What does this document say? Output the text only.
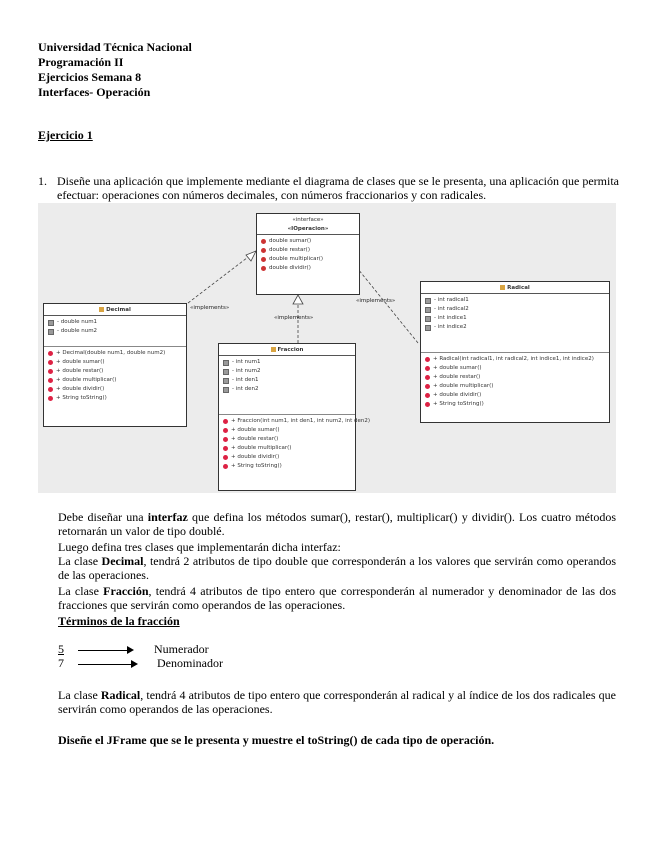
Universidad Técnica Nacional
Programación II
Ejercicios Semana 8
Interfaces- Operación
Ejercicio 1
1. Diseñe una aplicación que implemente mediante el diagrama de clases que se le presenta, una aplicación que permita efectuar: operaciones con números decimales, con números fraccionarios y con radicales.
«interface»
«IOperacion»
double sumar()
double restar()
double multiplicar()
double dividir()
Decimal
- double num1
- double num2
+ Decimal(double num1, double num2)
+ double sumar()
+ double restar()
+ double multiplicar()
+ double dividir()
+ String toString()
Fraccion
- int num1
- int num2
- int den1
- int den2
+ Fraccion(int num1, int den1, int num2, int den2)
+ double sumar()
+ double restar()
+ double multiplicar()
+ double dividir()
+ String toString()
Radical
- int radical1
- int radical2
- int indice1
- int indice2
+ Radical(int radical1, int radical2, int indice1, int indice2)
+ double sumar()
+ double restar()
+ double multiplicar()
+ double dividir()
+ String toString()
«implements»
«implements»
«implements»
Debe diseñar una interfaz que defina los métodos sumar(), restar(), multiplicar() y dividir(). Los cuatro métodos retornarán un valor de tipo doublé.
Luego defina tres clases que implementarán dicha interfaz:
La clase Decimal, tendrá 2 atributos de tipo double que corresponderán a los valores que servirán como operandos de las operaciones.
La clase Fracción, tendrá 4 atributos de tipo entero que corresponderán al numerador y denominador de las dos fracciones que servirán como operandos de las operaciones.
Términos de la fracción
5	Numerador
7	Denominador
La clase Radical, tendrá 4 atributos de tipo entero que corresponderán al radical y al índice de los dos radicales que servirán como operandos de las operaciones.
Diseñe el JFrame que se le presenta y muestre el toString() de cada tipo de operación.
